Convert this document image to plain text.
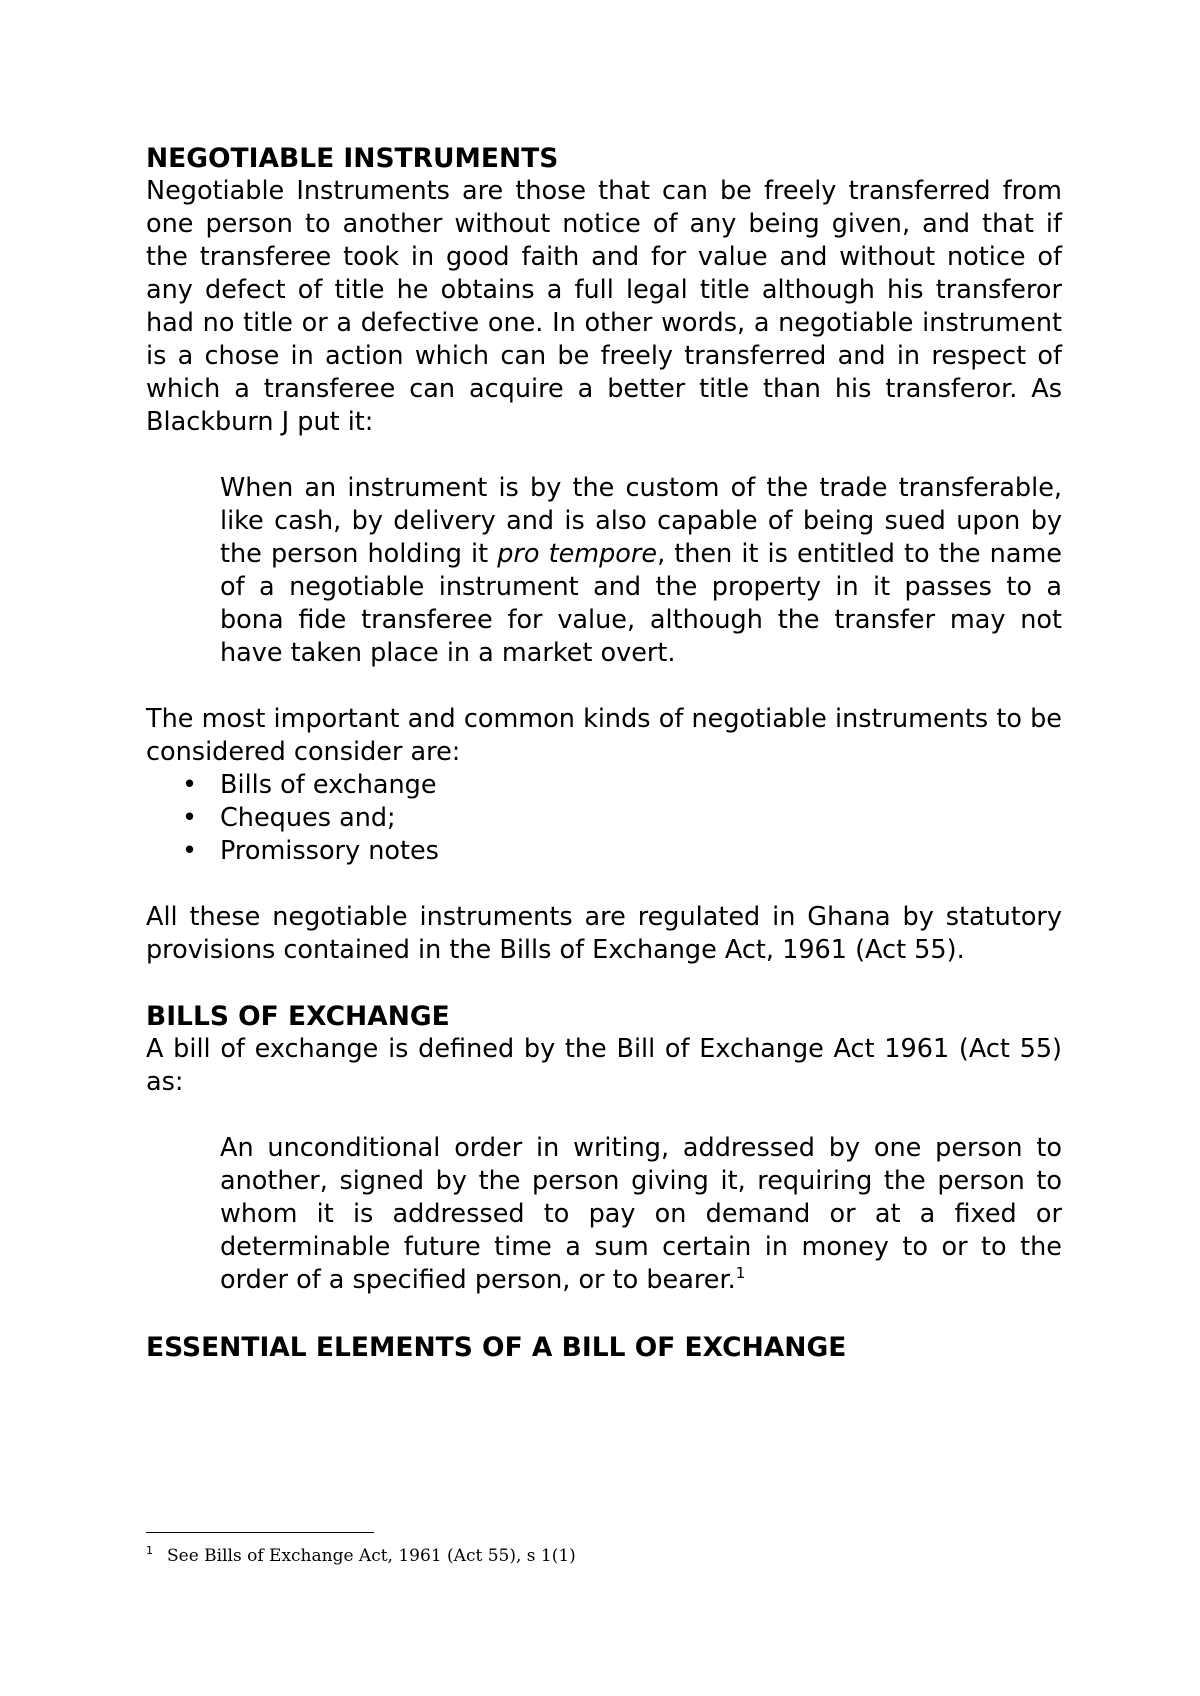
NEGOTIABLE INSTRUMENTS

Negotiable Instruments are those that can be freely transferred from one person to another without notice of any being given, and that if the transferee took in good faith and for value and without notice of any defect of title he obtains a full legal title although his transferor had no title or a defective one. In other words, a negotiable instrument is a chose in action which can be freely transferred and in respect of which a transferee can acquire a better title than his transferor. As Blackburn J put it:

When an instrument is by the custom of the trade transferable, like cash, by delivery and is also capable of being sued upon by the person holding it pro tempore, then it is entitled to the name of a negotiable instrument and the property in it passes to a bona fide transferee for value, although the transfer may not have taken place in a market overt.

The most important and common kinds of negotiable instruments to be considered consider are:

• Bills of exchange
• Cheques and;
• Promissory notes

All these negotiable instruments are regulated in Ghana by statutory provisions contained in the Bills of Exchange Act, 1961 (Act 55).

BILLS OF EXCHANGE

A bill of exchange is defined by the Bill of Exchange Act 1961 (Act 55) as:

An unconditional order in writing, addressed by one person to another, signed by the person giving it, requiring the person to whom it is addressed to pay on demand or at a fixed or determinable future time a sum certain in money to or to the order of a specified person, or to bearer.$^1$

ESSENTIAL ELEMENTS OF A BILL OF EXCHANGE
$^1$ See Bills of Exchange Act, 1961 (Act 55), s 1(1)
